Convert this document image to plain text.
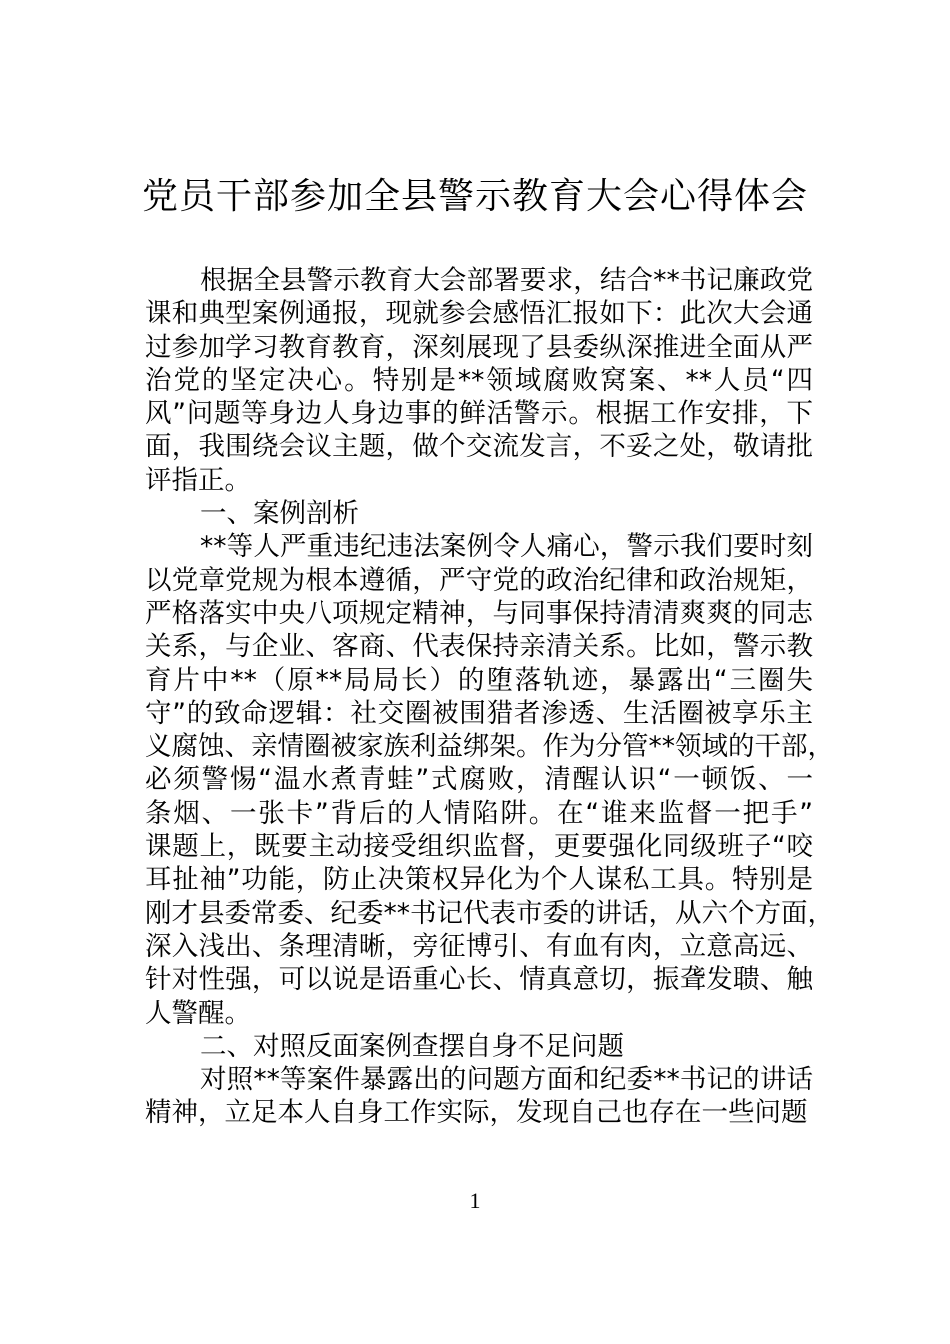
党员干部参加全县警示教育大会心得体会
根据全县警示教育大会部署要求，结合**书记廉政党
课和典型案例通报，现就参会感悟汇报如下：此次大会通
过参加学习教育教育，深刻展现了县委纵深推进全面从严
治党的坚定决心。特别是**领域腐败窝案、**人员“四
风”问题等身边人身边事的鲜活警示。根据工作安排，下
面，我围绕会议主题，做个交流发言，不妥之处，敬请批
评指正。
一、案例剖析
**等人严重违纪违法案例令人痛心，警示我们要时刻
以党章党规为根本遵循，严守党的政治纪律和政治规矩，
严格落实中央八项规定精神，与同事保持清清爽爽的同志
关系，与企业、客商、代表保持亲清关系。比如，警示教
育片中**（原**局局长）的堕落轨迹，暴露出“三圈失
守”的致命逻辑：社交圈被围猎者渗透、生活圈被享乐主
义腐蚀、亲情圈被家族利益绑架。作为分管**领域的干部，
必须警惕“温水煮青蛙”式腐败，清醒认识“一顿饭、一
条烟、一张卡”背后的人情陷阱。在“谁来监督一把手”
课题上，既要主动接受组织监督，更要强化同级班子“咬
耳扯袖”功能，防止决策权异化为个人谋私工具。特别是
刚才县委常委、纪委**书记代表市委的讲话，从六个方面，
深入浅出、条理清晰，旁征博引、有血有肉，立意高远、
针对性强，可以说是语重心长、情真意切，振聋发聩、触
人警醒。
二、对照反面案例查摆自身不足问题
对照**等案件暴露出的问题方面和纪委**书记的讲话
精神，立足本人自身工作实际，发现自己也存在一些问题
1
